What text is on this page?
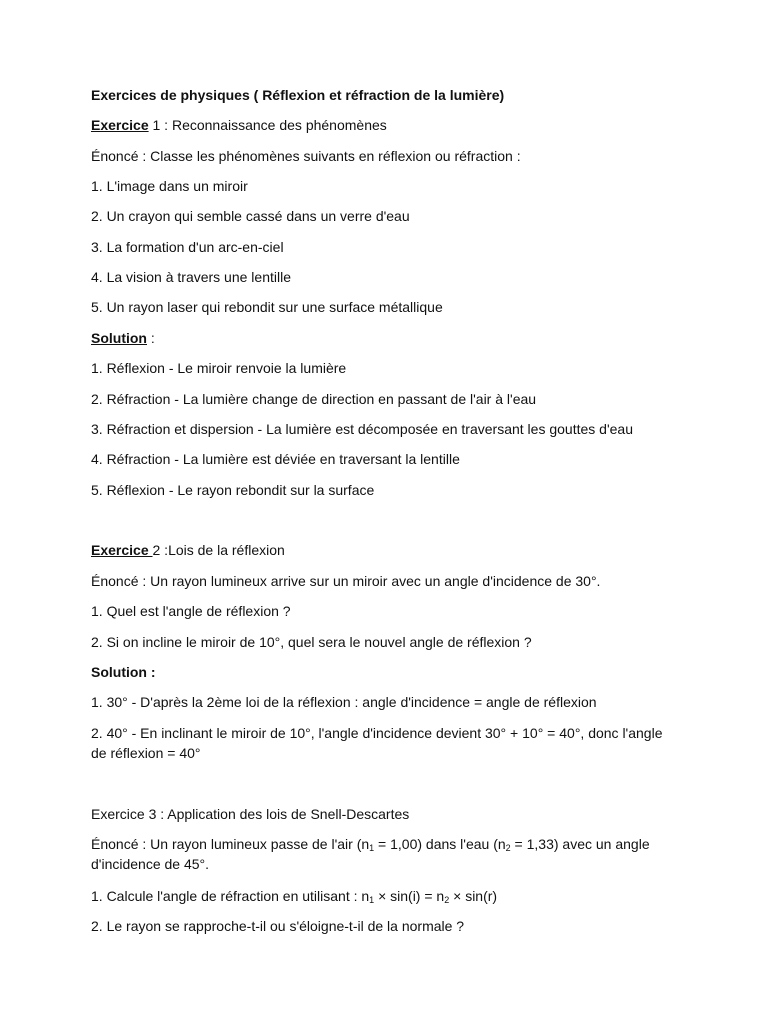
Exercices de physiques ( Réflexion et réfraction de la lumière)

Exercice 1 : Reconnaissance des phénomènes

Énoncé : Classe les phénomènes suivants en réflexion ou réfraction :

1. L'image dans un miroir

2. Un crayon qui semble cassé dans un verre d'eau

3. La formation d'un arc-en-ciel

4. La vision à travers une lentille

5. Un rayon laser qui rebondit sur une surface métallique

Solution :

1. Réflexion - Le miroir renvoie la lumière

2. Réfraction - La lumière change de direction en passant de l'air à l'eau

3. Réfraction et dispersion - La lumière est décomposée en traversant les gouttes d'eau

4. Réfraction - La lumière est déviée en traversant la lentille

5. Réflexion - Le rayon rebondit sur la surface

Exercice 2 :Lois de la réflexion

Énoncé : Un rayon lumineux arrive sur un miroir avec un angle d'incidence de 30°.

1. Quel est l'angle de réflexion ?

2. Si on incline le miroir de 10°, quel sera le nouvel angle de réflexion ?

Solution :

1. 30° - D'après la 2ème loi de la réflexion : angle d'incidence = angle de réflexion

2. 40° - En inclinant le miroir de 10°, l'angle d'incidence devient 30° + 10° = 40°, donc l'angle de réflexion = 40°

Exercice 3 : Application des lois de Snell-Descartes

Énoncé : Un rayon lumineux passe de l'air $(n_1 = 1,00)$ dans l'eau $(n_2 = 1,33)$ avec un angle d'incidence de 45°.

1. Calcule l'angle de réfraction en utilisant : $n_1 \times \sin(i) = n_2 \times \sin(r)$

2. Le rayon se rapproche-t-il ou s'éloigne-t-il de la normale ?
